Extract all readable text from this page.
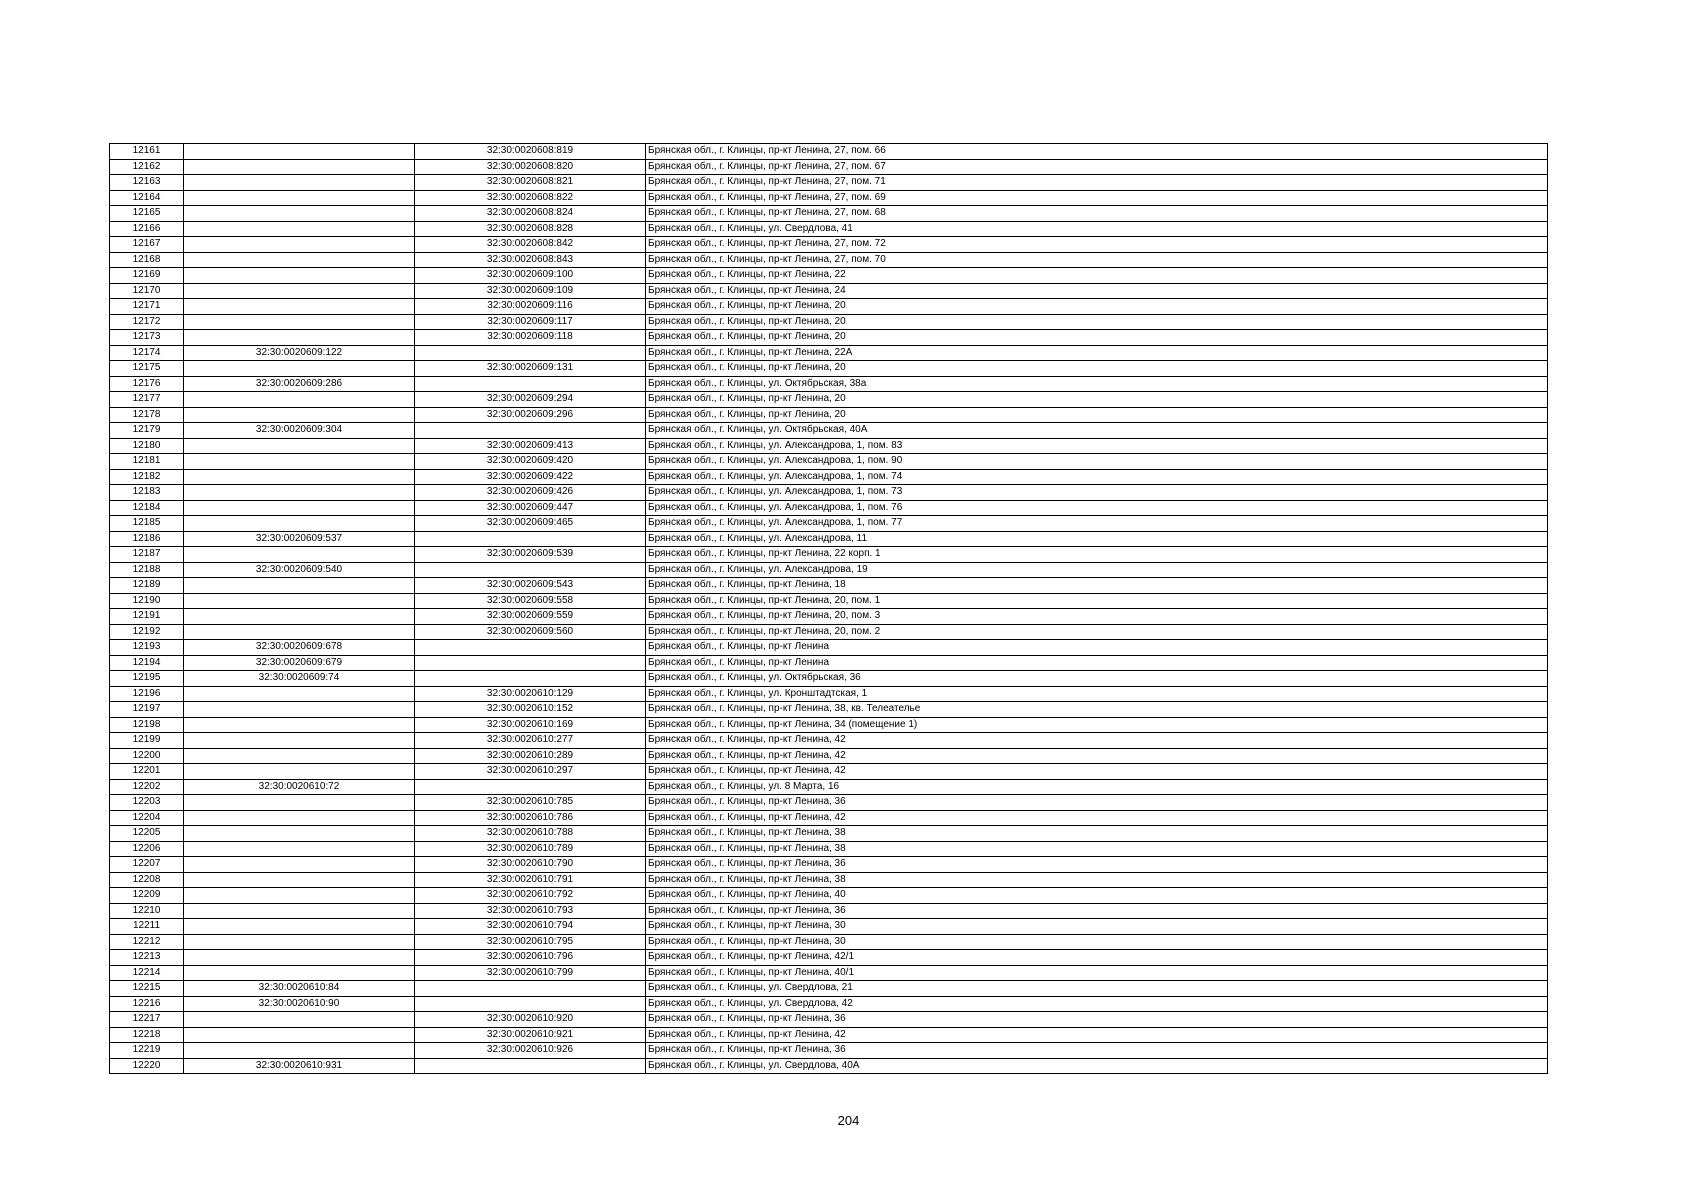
12161		32:30:0020608:819	Брянская обл., г. Клинцы, пр-кт Ленина, 27, пом. 66
12162		32:30:0020608:820	Брянская обл., г. Клинцы, пр-кт Ленина, 27, пом. 67
12163		32:30:0020608:821	Брянская обл., г. Клинцы, пр-кт Ленина, 27, пом. 71
12164		32:30:0020608:822	Брянская обл., г. Клинцы, пр-кт Ленина, 27, пом. 69
12165		32:30:0020608:824	Брянская обл., г. Клинцы, пр-кт Ленина, 27, пом. 68
12166		32:30:0020608:828	Брянская обл., г. Клинцы, ул. Свердлова, 41
12167		32:30:0020608:842	Брянская обл., г. Клинцы, пр-кт Ленина, 27, пом. 72
12168		32:30:0020608:843	Брянская обл., г. Клинцы, пр-кт Ленина, 27, пом. 70
12169		32:30:0020609:100	Брянская обл., г. Клинцы, пр-кт Ленина, 22
12170		32:30:0020609:109	Брянская обл., г. Клинцы, пр-кт Ленина, 24
12171		32:30:0020609:116	Брянская обл., г. Клинцы, пр-кт Ленина, 20
12172		32:30:0020609:117	Брянская обл., г. Клинцы, пр-кт Ленина, 20
12173		32:30:0020609:118	Брянская обл., г. Клинцы, пр-кт Ленина, 20
12174	32:30:0020609:122		Брянская обл., г. Клинцы, пр-кт Ленина, 22А
12175		32:30:0020609:131	Брянская обл., г. Клинцы, пр-кт Ленина, 20
12176	32:30:0020609:286		Брянская обл., г. Клинцы, ул. Октябрьская, 38а
12177		32:30:0020609:294	Брянская обл., г. Клинцы, пр-кт Ленина, 20
12178		32:30:0020609:296	Брянская обл., г. Клинцы, пр-кт Ленина, 20
12179	32:30:0020609:304		Брянская обл., г. Клинцы, ул. Октябрьская, 40А
12180		32:30:0020609:413	Брянская обл., г. Клинцы, ул. Александрова, 1, пом. 83
12181		32:30:0020609:420	Брянская обл., г. Клинцы, ул. Александрова, 1, пом. 90
12182		32:30:0020609:422	Брянская обл., г. Клинцы, ул. Александрова, 1, пом. 74
12183		32:30:0020609:426	Брянская обл., г. Клинцы, ул. Александрова, 1, пом. 73
12184		32:30:0020609:447	Брянская обл., г. Клинцы, ул. Александрова, 1, пом. 76
12185		32:30:0020609:465	Брянская обл., г. Клинцы, ул. Александрова, 1, пом. 77
12186	32:30:0020609:537		Брянская обл., г. Клинцы, ул. Александрова, 11
12187		32:30:0020609:539	Брянская обл., г. Клинцы, пр-кт Ленина, 22 корп. 1
12188	32:30:0020609:540		Брянская обл., г. Клинцы, ул. Александрова, 19
12189		32:30:0020609:543	Брянская обл., г. Клинцы, пр-кт Ленина, 18
12190		32:30:0020609:558	Брянская обл., г. Клинцы, пр-кт Ленина, 20, пом. 1
12191		32:30:0020609:559	Брянская обл., г. Клинцы, пр-кт Ленина, 20, пом. 3
12192		32:30:0020609:560	Брянская обл., г. Клинцы, пр-кт Ленина, 20, пом. 2
12193	32:30:0020609:678		Брянская обл., г. Клинцы, пр-кт Ленина
12194	32:30:0020609:679		Брянская обл., г. Клинцы, пр-кт Ленина
12195	32:30:0020609:74		Брянская обл., г. Клинцы, ул. Октябрьская, 36
12196		32:30:0020610:129	Брянская обл., г. Клинцы, ул. Кронштадтская, 1
12197		32:30:0020610:152	Брянская обл., г. Клинцы, пр-кт Ленина, 38, кв. Телеателье
12198		32:30:0020610:169	Брянская обл., г. Клинцы, пр-кт Ленина, 34 (помещение 1)
12199		32:30:0020610:277	Брянская обл., г. Клинцы, пр-кт Ленина, 42
12200		32:30:0020610:289	Брянская обл., г. Клинцы, пр-кт Ленина, 42
12201		32:30:0020610:297	Брянская обл., г. Клинцы, пр-кт Ленина, 42
12202	32:30:0020610:72		Брянская обл., г. Клинцы, ул. 8 Марта, 16
12203		32:30:0020610:785	Брянская обл., г. Клинцы, пр-кт Ленина, 36
12204		32:30:0020610:786	Брянская обл., г. Клинцы, пр-кт Ленина, 42
12205		32:30:0020610:788	Брянская обл., г. Клинцы, пр-кт Ленина, 38
12206		32:30:0020610:789	Брянская обл., г. Клинцы, пр-кт Ленина, 38
12207		32:30:0020610:790	Брянская обл., г. Клинцы, пр-кт Ленина, 36
12208		32:30:0020610:791	Брянская обл., г. Клинцы, пр-кт Ленина, 38
12209		32:30:0020610:792	Брянская обл., г. Клинцы, пр-кт Ленина, 40
12210		32:30:0020610:793	Брянская обл., г. Клинцы, пр-кт Ленина, 36
12211		32:30:0020610:794	Брянская обл., г. Клинцы, пр-кт Ленина, 30
12212		32:30:0020610:795	Брянская обл., г. Клинцы, пр-кт Ленина, 30
12213		32:30:0020610:796	Брянская обл., г. Клинцы, пр-кт Ленина, 42/1
12214		32:30:0020610:799	Брянская обл., г. Клинцы, пр-кт Ленина, 40/1
12215	32:30:0020610:84		Брянская обл., г. Клинцы, ул. Свердлова, 21
12216	32:30:0020610:90		Брянская обл., г. Клинцы, ул. Свердлова, 42
12217		32:30:0020610:920	Брянская обл., г. Клинцы, пр-кт Ленина, 36
12218		32:30:0020610:921	Брянская обл., г. Клинцы, пр-кт Ленина, 42
12219		32:30:0020610:926	Брянская обл., г. Клинцы, пр-кт Ленина, 36
12220	32:30:0020610:931		Брянская обл., г. Клинцы, ул. Свердлова, 40А
204
